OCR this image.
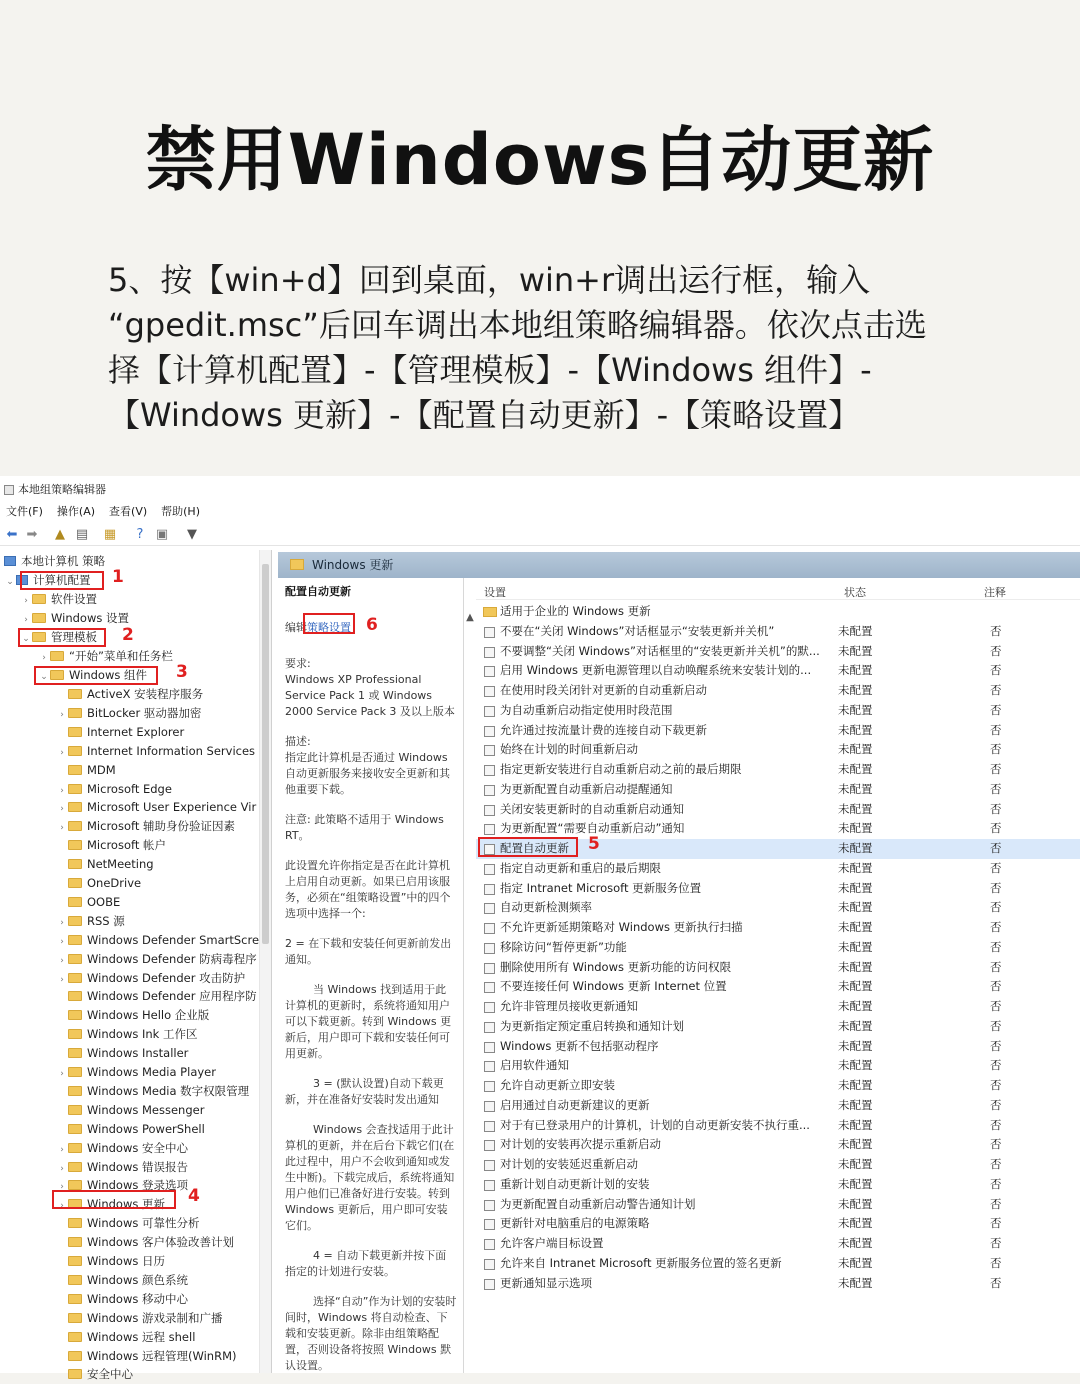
禁用Windows自动更新

5、按【win+d】回到桌面，win+r调出运行框，输入

“gpedit.msc”后回车调出本地组策略编辑器。依次点击选

择【计算机配置】-【管理模板】-【Windows 组件】-

【Windows 更新】-【配置自动更新】-【策略设置】

本地组策略编辑器
文件(F) 操作(A) 查看(V) 帮助(H)
⬅ ➡ ▲ ▤ ▦	? ▣ ▼
本地计算机 策略
⌄ 计算机配置
› 软件设置
› Windows 设置
⌄ 管理模板
› “开始”菜单和任务栏
⌄ Windows 组件
ActiveX 安装程序服务
› BitLocker 驱动器加密
Internet Explorer
› Internet Information Services
MDM
› Microsoft Edge
› Microsoft User Experience Vir
› Microsoft 辅助身份验证因素
Microsoft 帐户
NetMeeting
OneDrive
OOBE
› RSS 源
› Windows Defender SmartScre
› Windows Defender 防病毒程序
› Windows Defender 攻击防护
Windows Defender 应用程序防
Windows Hello 企业版
Windows Ink 工作区
Windows Installer
› Windows Media Player
Windows Media 数字权限管理
Windows Messenger
Windows PowerShell
› Windows 安全中心
› Windows 错误报告
› Windows 登录选项
› Windows 更新
Windows 可靠性分析
Windows 客户体验改善计划
Windows 日历
Windows 颜色系统
Windows 移动中心
Windows 游戏录制和广播
Windows 远程 shell
Windows 远程管理(WinRM)
安全中心
1
2
3
4
Windows 更新

配置自动更新

编辑策略设置

要求:
Windows XP Professional Service Pack 1 或 Windows 2000 Service Pack 3 及以上版本

描述:
指定此计算机是否通过 Windows 自动更新服务来接收安全更新和其他重要下载。

注意: 此策略不适用于 Windows RT。

此设置允许你指定是否在此计算机上启用自动更新。如果已启用该服务，必须在“组策略设置”中的四个选项中选择一个:

2 = 在下载和安装任何更新前发出通知。

当 Windows 找到适用于此计算机的更新时，系统将通知用户可以下载更新。转到 Windows 更新后，用户即可下载和安装任何可用更新。

3 = (默认设置)自动下载更新，并在准备好安装时发出通知

Windows 会查找适用于此计算机的更新，并在后台下载它们(在此过程中，用户不会收到通知或发生中断)。下载完成后，系统将通知用户他们已准备好进行安装。转到 Windows 更新后，用户即可安装它们。

4 = 自动下载更新并按下面指定的计划进行安装。

选择“自动”作为计划的安装时间时，Windows 将自动检查、下载和安装更新。除非由组策略配置，否则设备将按照 Windows 默认设置。

▲
6
设置	状态	注释
适用于企业的 Windows 更新
不要在“关闭 Windows”对话框显示“安装更新并关机”	未配置	否
不要调整“关闭 Windows”对话框里的“安装更新并关机”的默...	未配置	否
启用 Windows 更新电源管理以自动唤醒系统来安装计划的...	未配置	否
在使用时段关闭针对更新的自动重新启动	未配置	否
为自动重新启动指定使用时段范围	未配置	否
允许通过按流量计费的连接自动下载更新	未配置	否
始终在计划的时间重新启动	未配置	否
指定更新安装进行自动重新启动之前的最后期限	未配置	否
为更新配置自动重新启动提醒通知	未配置	否
关闭安装更新时的自动重新启动通知	未配置	否
为更新配置“需要自动重新启动”通知	未配置	否
配置自动更新	未配置	否
指定自动更新和重启的最后期限	未配置	否
指定 Intranet Microsoft 更新服务位置	未配置	否
自动更新检测频率	未配置	否
不允许更新延期策略对 Windows 更新执行扫描	未配置	否
移除访问“暂停更新”功能	未配置	否
删除使用所有 Windows 更新功能的访问权限	未配置	否
不要连接任何 Windows 更新 Internet 位置	未配置	否
允许非管理员接收更新通知	未配置	否
为更新指定预定重启转换和通知计划	未配置	否
Windows 更新不包括驱动程序	未配置	否
启用软件通知	未配置	否
允许自动更新立即安装	未配置	否
启用通过自动更新建议的更新	未配置	否
对于有已登录用户的计算机，计划的自动更新安装不执行重...	未配置	否
对计划的安装再次提示重新启动	未配置	否
对计划的安装延迟重新启动	未配置	否
重新计划自动更新计划的安装	未配置	否
为更新配置自动重新启动警告通知计划	未配置	否
更新针对电脑重启的电源策略	未配置	否
允许客户端目标设置	未配置	否
允许来自 Intranet Microsoft 更新服务位置的签名更新	未配置	否
更新通知显示选项	未配置	否
5
